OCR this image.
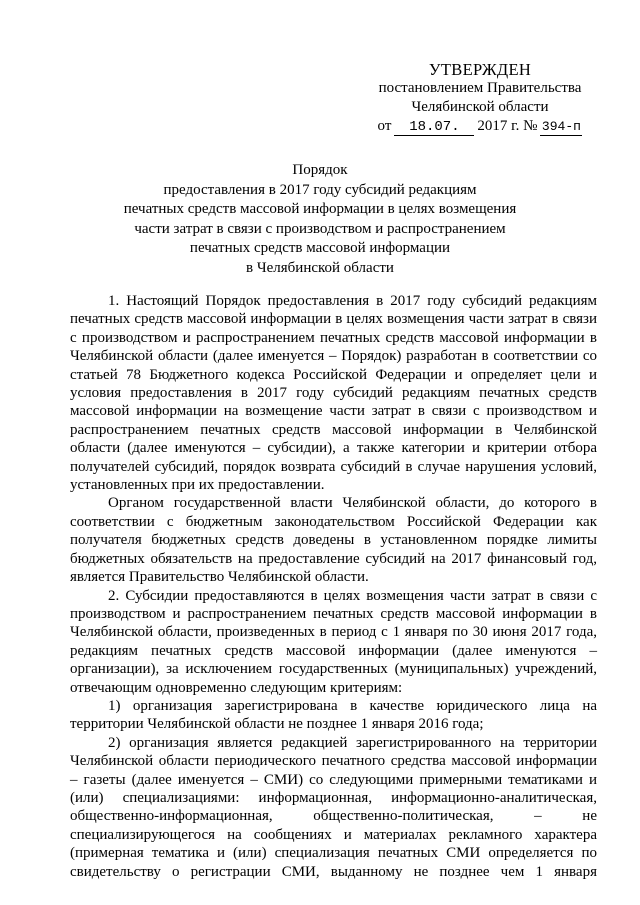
УТВЕРЖДЕН
постановлением Правительства
Челябинской области
от	18.07.	2017 г. № 394-п
Порядок
предоставления в 2017 году субсидий редакциям
печатных средств массовой информации в целях возмещения
части затрат в связи с производством и распространением
печатных средств массовой информации
в Челябинской области

1. Настоящий Порядок предоставления в 2017 году субсидий редакциям печатных средств массовой информации в целях возмещения части затрат в связи с производством и распространением печатных средств массовой информации в Челябинской области (далее именуется – Порядок) разработан в соответствии со статьей 78 Бюджетного кодекса Российской Федерации и определяет цели и условия предоставления в 2017 году субсидий редакциям печатных средств массовой информации на возмещение части затрат в связи с производством и распространением печатных средств массовой информации в Челябинской области (далее именуются – субсидии), а также категории и критерии отбора получателей субсидий, порядок возврата субсидий в случае нарушения условий, установленных при их предоставлении.

Органом государственной власти Челябинской области, до которого в соответствии с бюджетным законодательством Российской Федерации как получателя бюджетных средств доведены в установленном порядке лимиты бюджетных обязательств на предоставление субсидий на 2017 финансовый год, является Правительство Челябинской области.

2. Субсидии предоставляются в целях возмещения части затрат в связи с производством и распространением печатных средств массовой информации в Челябинской области, произведенных в период с 1 января по 30 июня 2017 года, редакциям печатных средств массовой информации (далее именуются – организации), за исключением государственных (муниципальных) учреждений, отвечающим одновременно следующим критериям:

1) организация зарегистрирована в качестве юридического лица на территории Челябинской области не позднее 1 января 2016 года;

2) организация является редакцией зарегистрированного на территории Челябинской области периодического печатного средства массовой информации – газеты (далее именуется – СМИ) со следующими примерными тематиками и (или) специализациями: информационная, информационно-аналитическая, общественно-информационная, общественно-политическая, – не специализирующегося на сообщениях и материалах рекламного характера (примерная тематика и (или) специализация печатных СМИ определяется по свидетельству о регистрации СМИ, выданному не позднее чем 1 января
